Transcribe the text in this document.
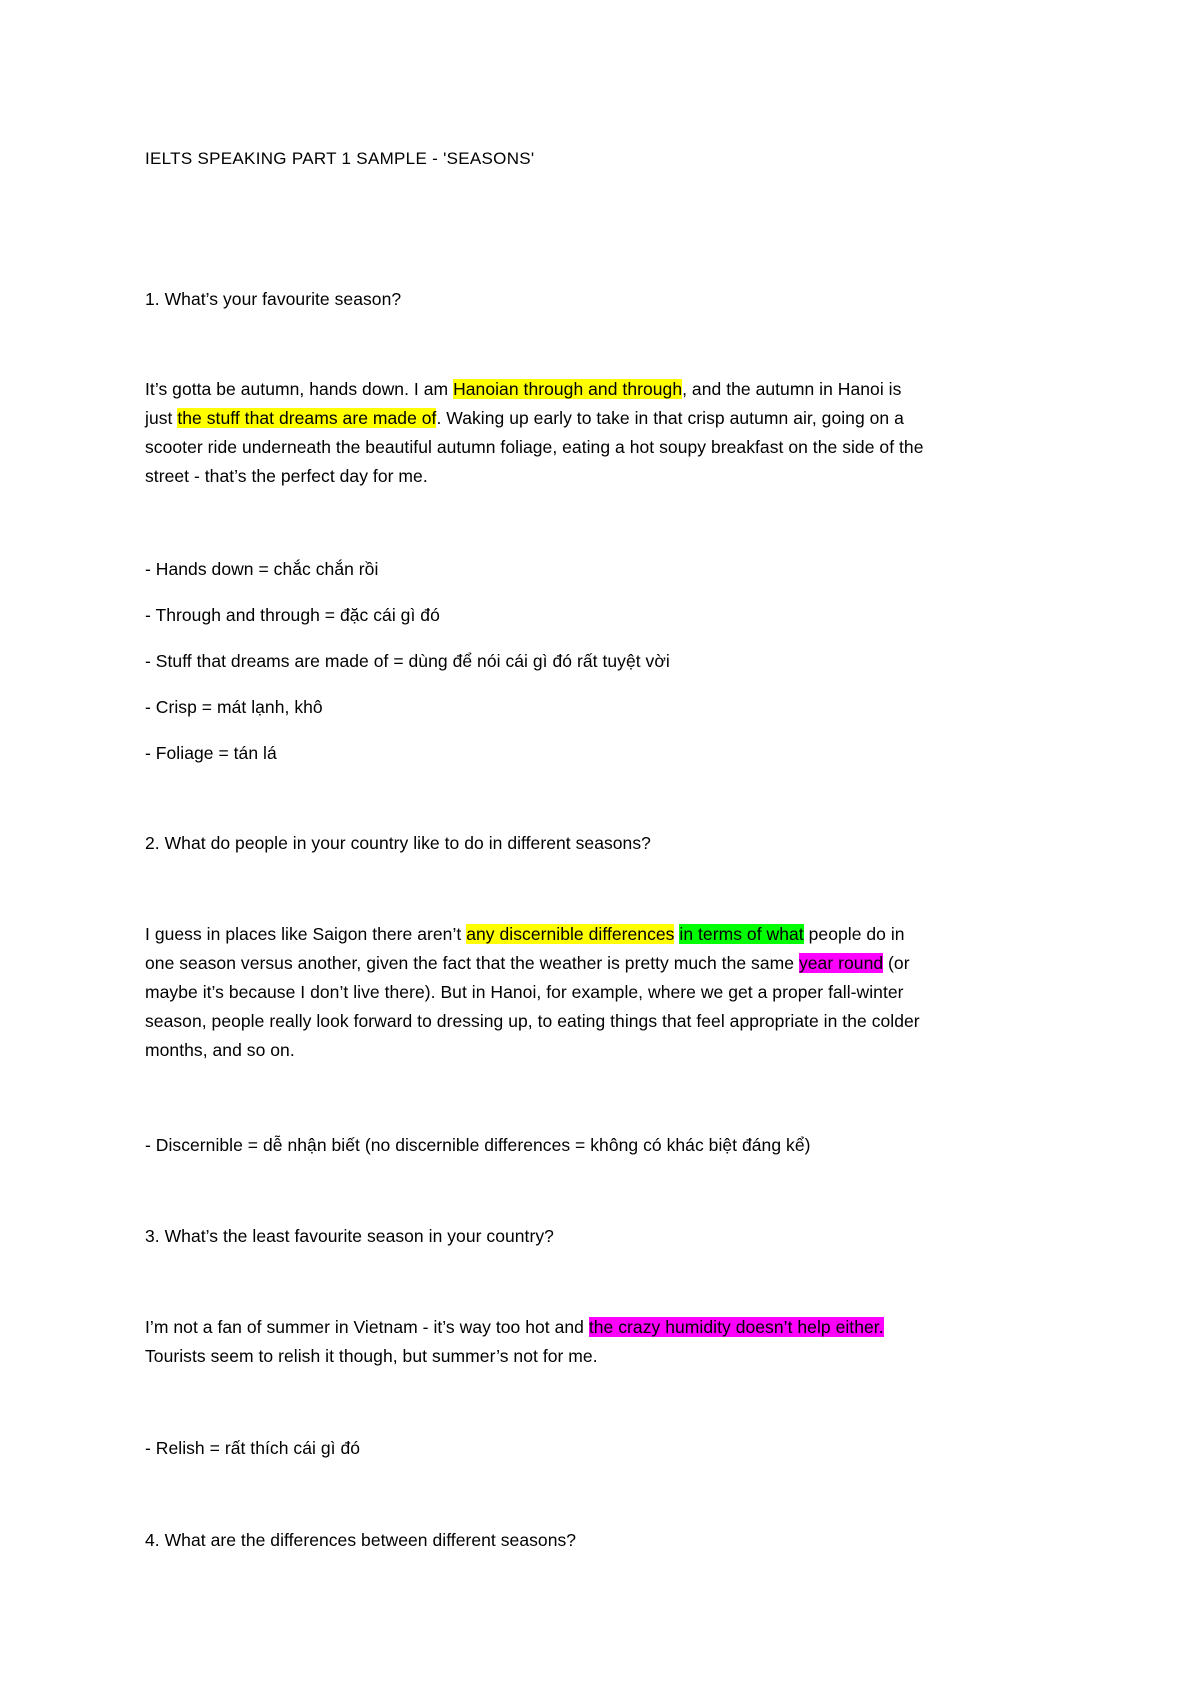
IELTS SPEAKING PART 1 SAMPLE - 'SEASONS'
1. What’s your favourite season?
It’s gotta be autumn, hands down. I am Hanoian through and through, and the autumn in Hanoi is
just the stuff that dreams are made of. Waking up early to take in that crisp autumn air, going on a
scooter ride underneath the beautiful autumn foliage, eating a hot soupy breakfast on the side of the
street - that’s the perfect day for me.
- Hands down = chắc chắn rồi
- Through and through = đặc cái gì đó
- Stuff that dreams are made of = dùng để nói cái gì đó rất tuyệt vời
- Crisp = mát lạnh, khô
- Foliage = tán lá
2. What do people in your country like to do in different seasons?
I guess in places like Saigon there aren’t any discernible differences in terms of what people do in
one season versus another, given the fact that the weather is pretty much the same year round (or
maybe it’s because I don’t live there). But in Hanoi, for example, where we get a proper fall-winter
season, people really look forward to dressing up, to eating things that feel appropriate in the colder
months, and so on.
- Discernible = dễ nhận biết (no discernible differences = không có khác biệt đáng kể)
3. What’s the least favourite season in your country?
I’m not a fan of summer in Vietnam - it’s way too hot and the crazy humidity doesn’t help either.
Tourists seem to relish it though, but summer’s not for me.
- Relish = rất thích cái gì đó
4. What are the differences between different seasons?
